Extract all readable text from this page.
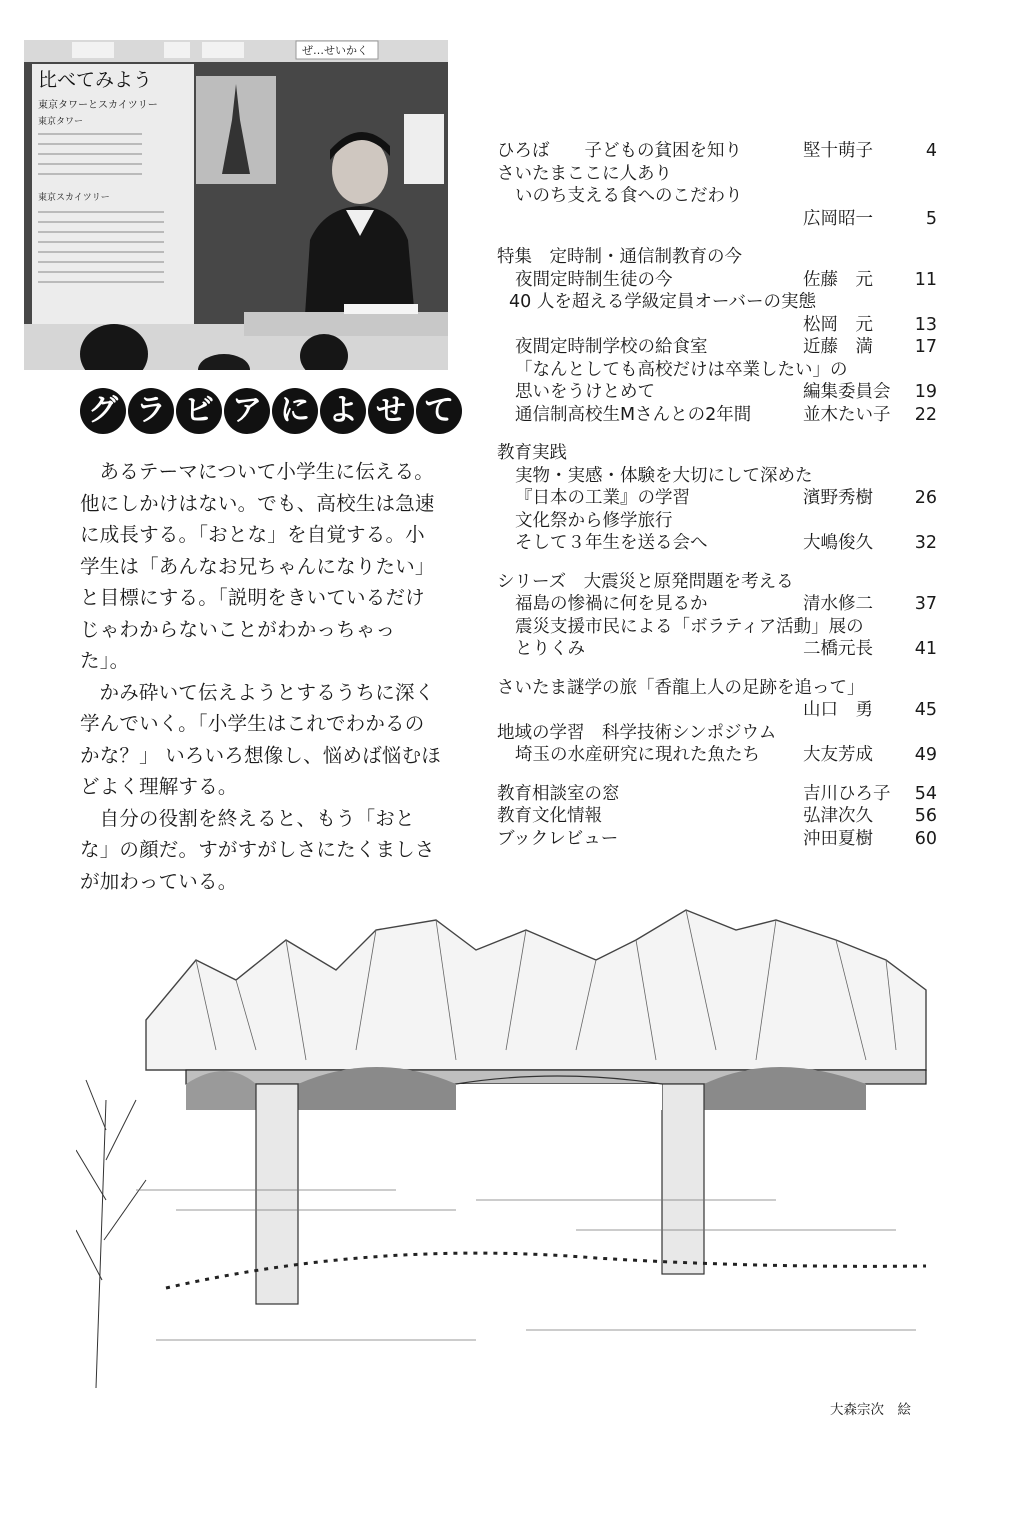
ぜ…せいかく
比べてみよう
東京タワーとスカイツリー
東京タワー
東京スカイツリー
グ ラ ビ ア に よ せ て

あるテーマについて小学生に伝える。他にしかけはない。でも、高校生は急速に成長する。「おとな」を自覚する。小学生は「あんなお兄ちゃんになりたい」と目標にする。「説明をきいているだけじゃわからないことがわかっちゃった」。

かみ砕いて伝えようとするうちに深く学んでいく。「小学生はこれでわかるのかな？」 いろいろ想像し、悩めば悩むほどよく理解する。

自分の役割を終えると、もう「おとな」の顔だ。すがすがしさにたくましさが加わっている。

ひろば　　子どもの貧困を知り	堅十萌子	4
さいたまここに人あり
いのち支える食へのこだわり
広岡昭一	5
特集　定時制・通信制教育の今
夜間定時制生徒の今	佐藤　元	11
40 人を超える学級定員オーバーの実態
松岡　元	13
夜間定時制学校の給食室	近藤　満	17
「なんとしても高校だけは卒業したい」の
思いをうけとめて	編集委員会	19
通信制高校生Mさんとの2年間	並木たい子	22
教育実践
実物・実感・体験を大切にして深めた
『日本の工業』の学習	濱野秀樹	26
文化祭から修学旅行
そして３年生を送る会へ	大嶋俊久	32
シリーズ　大震災と原発問題を考える
福島の惨禍に何を見るか	清水修二	37
震災支援市民による「ボラティア活動」展の
とりくみ	二橋元長	41
さいたま謎学の旅「香龍上人の足跡を追って」
山口　勇	45
地域の学習　科学技術シンポジウム
埼玉の水産研究に現れた魚たち	大友芳成	49
教育相談室の窓	吉川ひろ子	54
教育文化情報	弘津次久	56
ブックレビュー	沖田夏樹	60
大森宗次　絵
